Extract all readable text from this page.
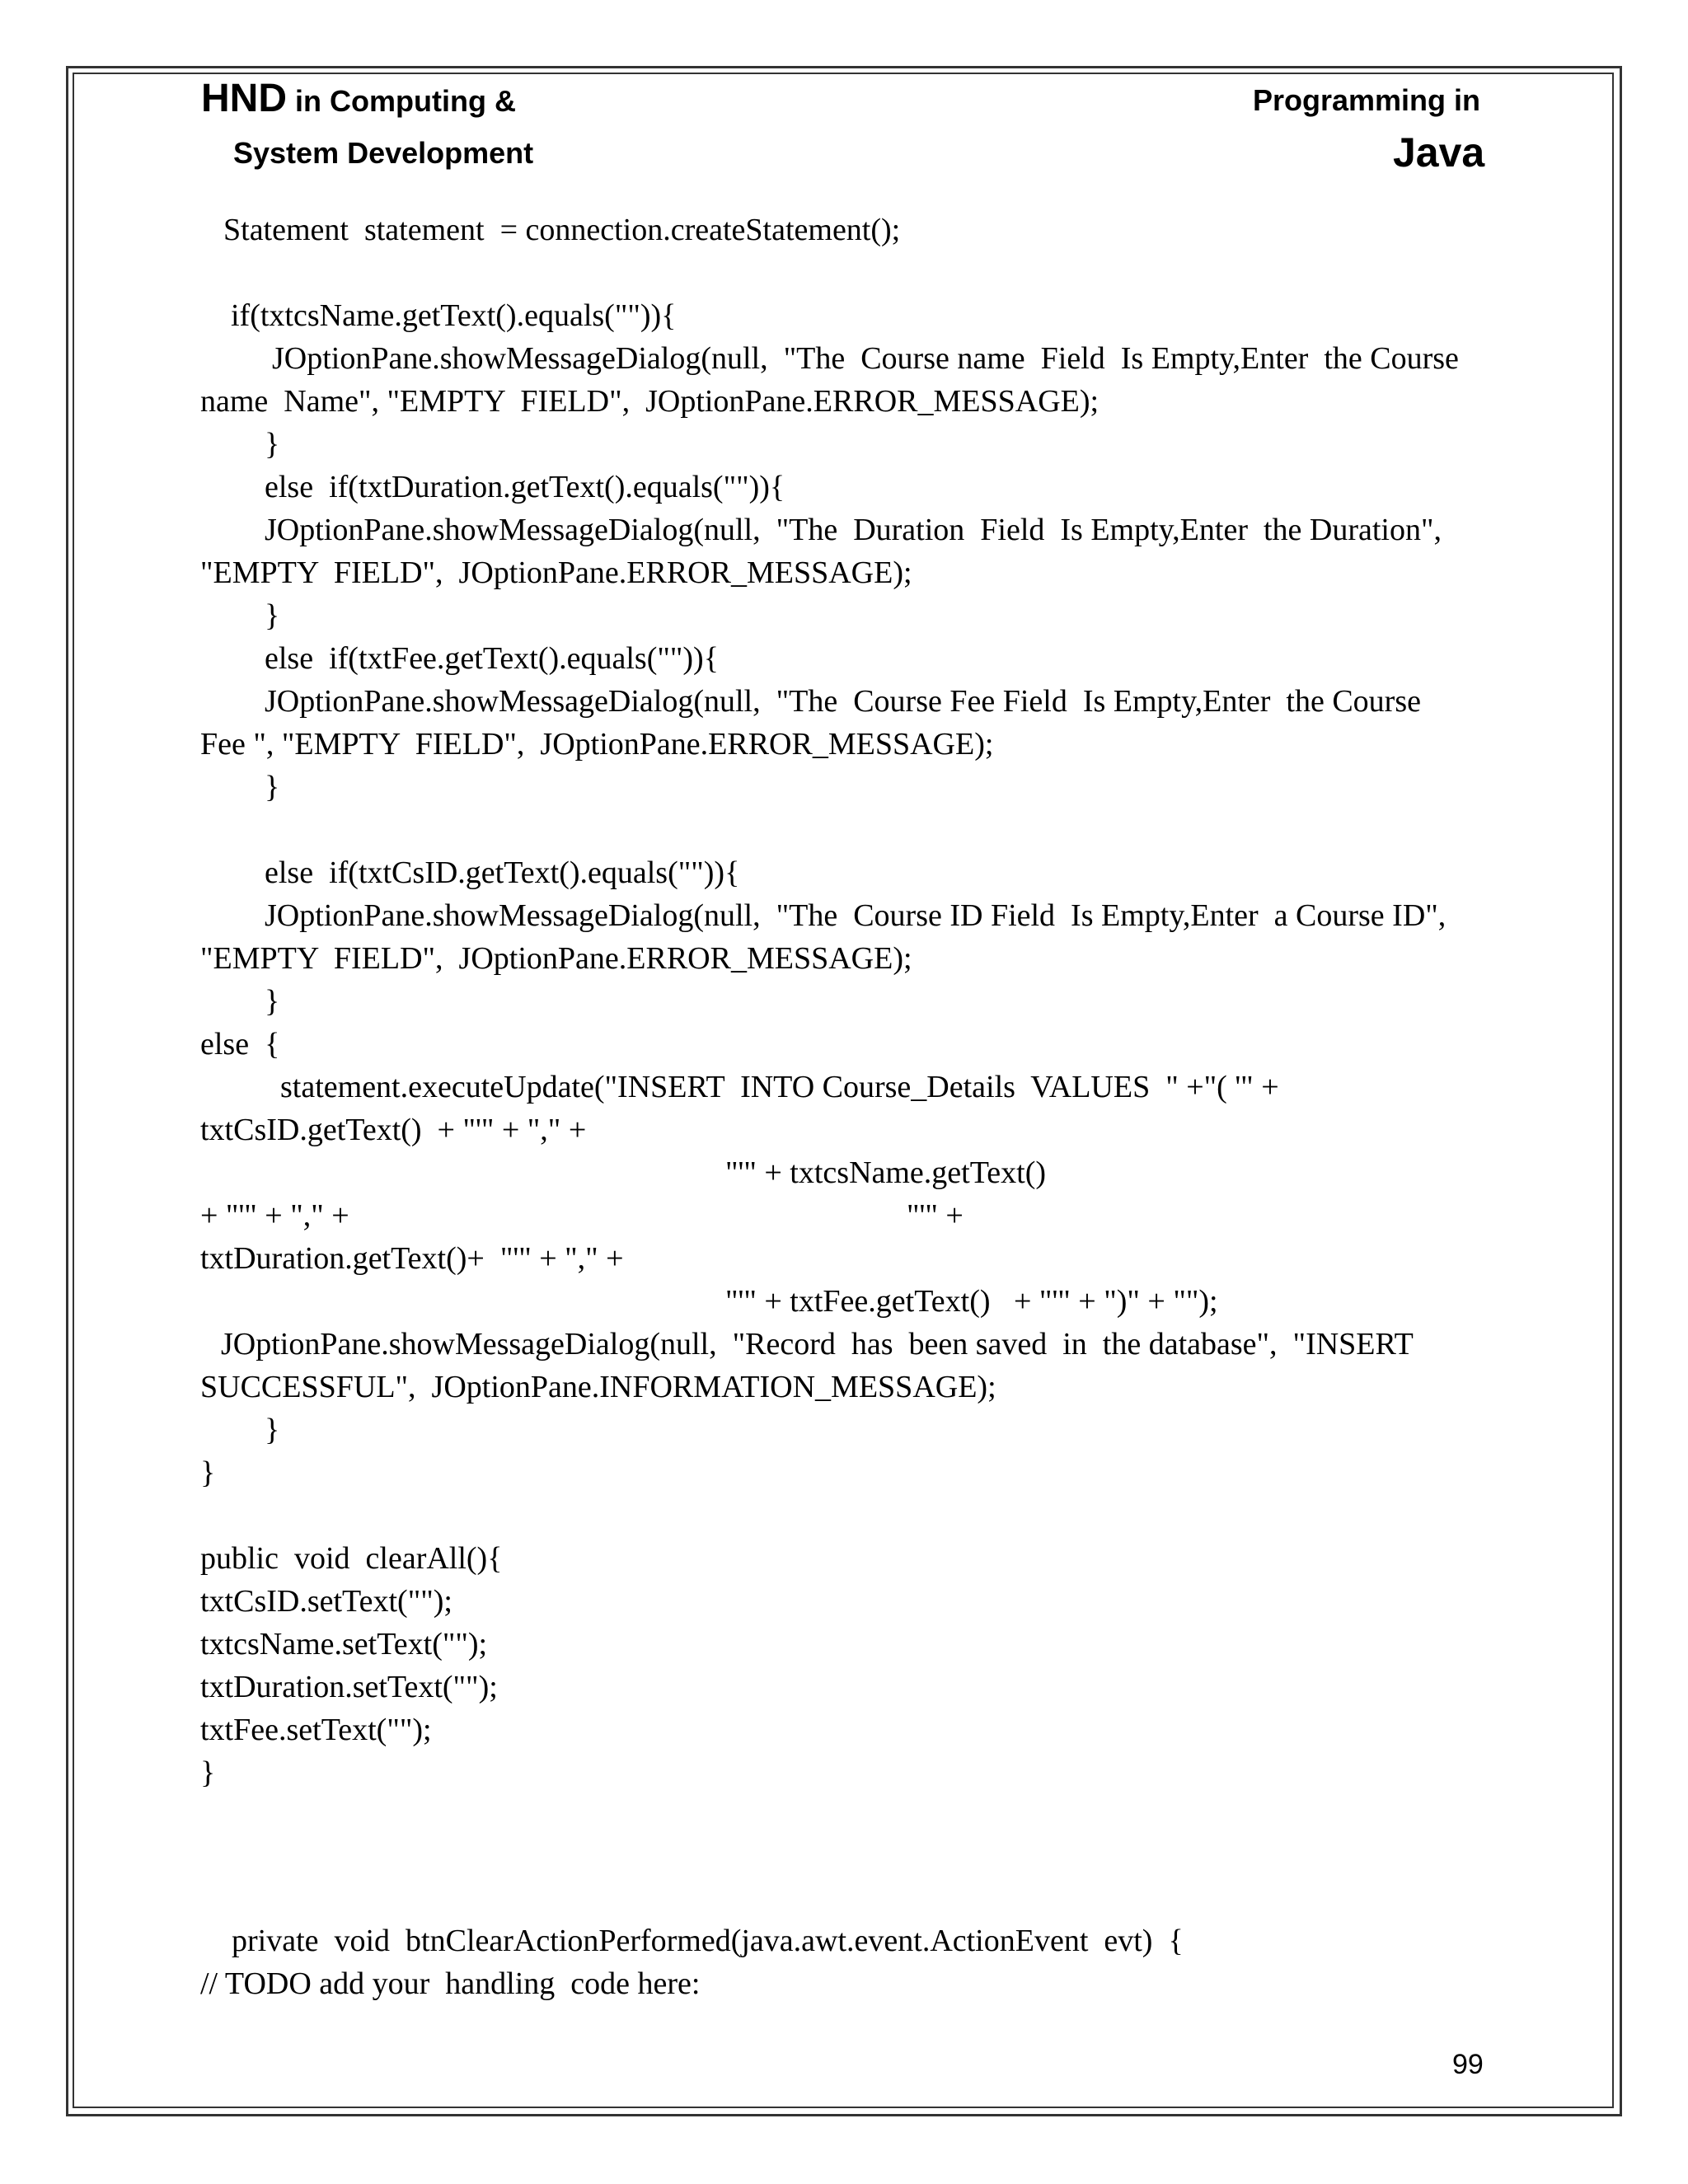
HND in Computing &
System Development
Programming in
Java
Statement  statement  = connection.createStatement();
if(txtcsName.getText().equals("")){
JOptionPane.showMessageDialog(null,  "The  Course name  Field  Is Empty,Enter  the Course
name  Name", "EMPTY  FIELD",  JOptionPane.ERROR_MESSAGE);
}
else  if(txtDuration.getText().equals("")){
JOptionPane.showMessageDialog(null,  "The  Duration  Field  Is Empty,Enter  the Duration",
"EMPTY  FIELD",  JOptionPane.ERROR_MESSAGE);
}
else  if(txtFee.getText().equals("")){
JOptionPane.showMessageDialog(null,  "The  Course Fee Field  Is Empty,Enter  the Course
Fee ", "EMPTY  FIELD",  JOptionPane.ERROR_MESSAGE);
}
else  if(txtCsID.getText().equals("")){
JOptionPane.showMessageDialog(null,  "The  Course ID Field  Is Empty,Enter  a Course ID",
"EMPTY  FIELD",  JOptionPane.ERROR_MESSAGE);
}
else  {
statement.executeUpdate("INSERT  INTO Course_Details  VALUES  " +"( '" +
txtCsID.getText()  + "'" + "," +
"'" + txtcsName.getText()
+ "'" + "," +	"'" +
txtDuration.getText()+  "'" + "," +
"'" + txtFee.getText()   + "'" + ")" + "");
JOptionPane.showMessageDialog(null,  "Record  has  been saved  in  the database",  "INSERT
SUCCESSFUL",  JOptionPane.INFORMATION_MESSAGE);
}
}
public  void  clearAll(){
txtCsID.setText("");
txtcsName.setText("");
txtDuration.setText("");
txtFee.setText("");
}
private  void  btnClearActionPerformed(java.awt.event.ActionEvent  evt)  {
// TODO add your  handling  code here:
99
